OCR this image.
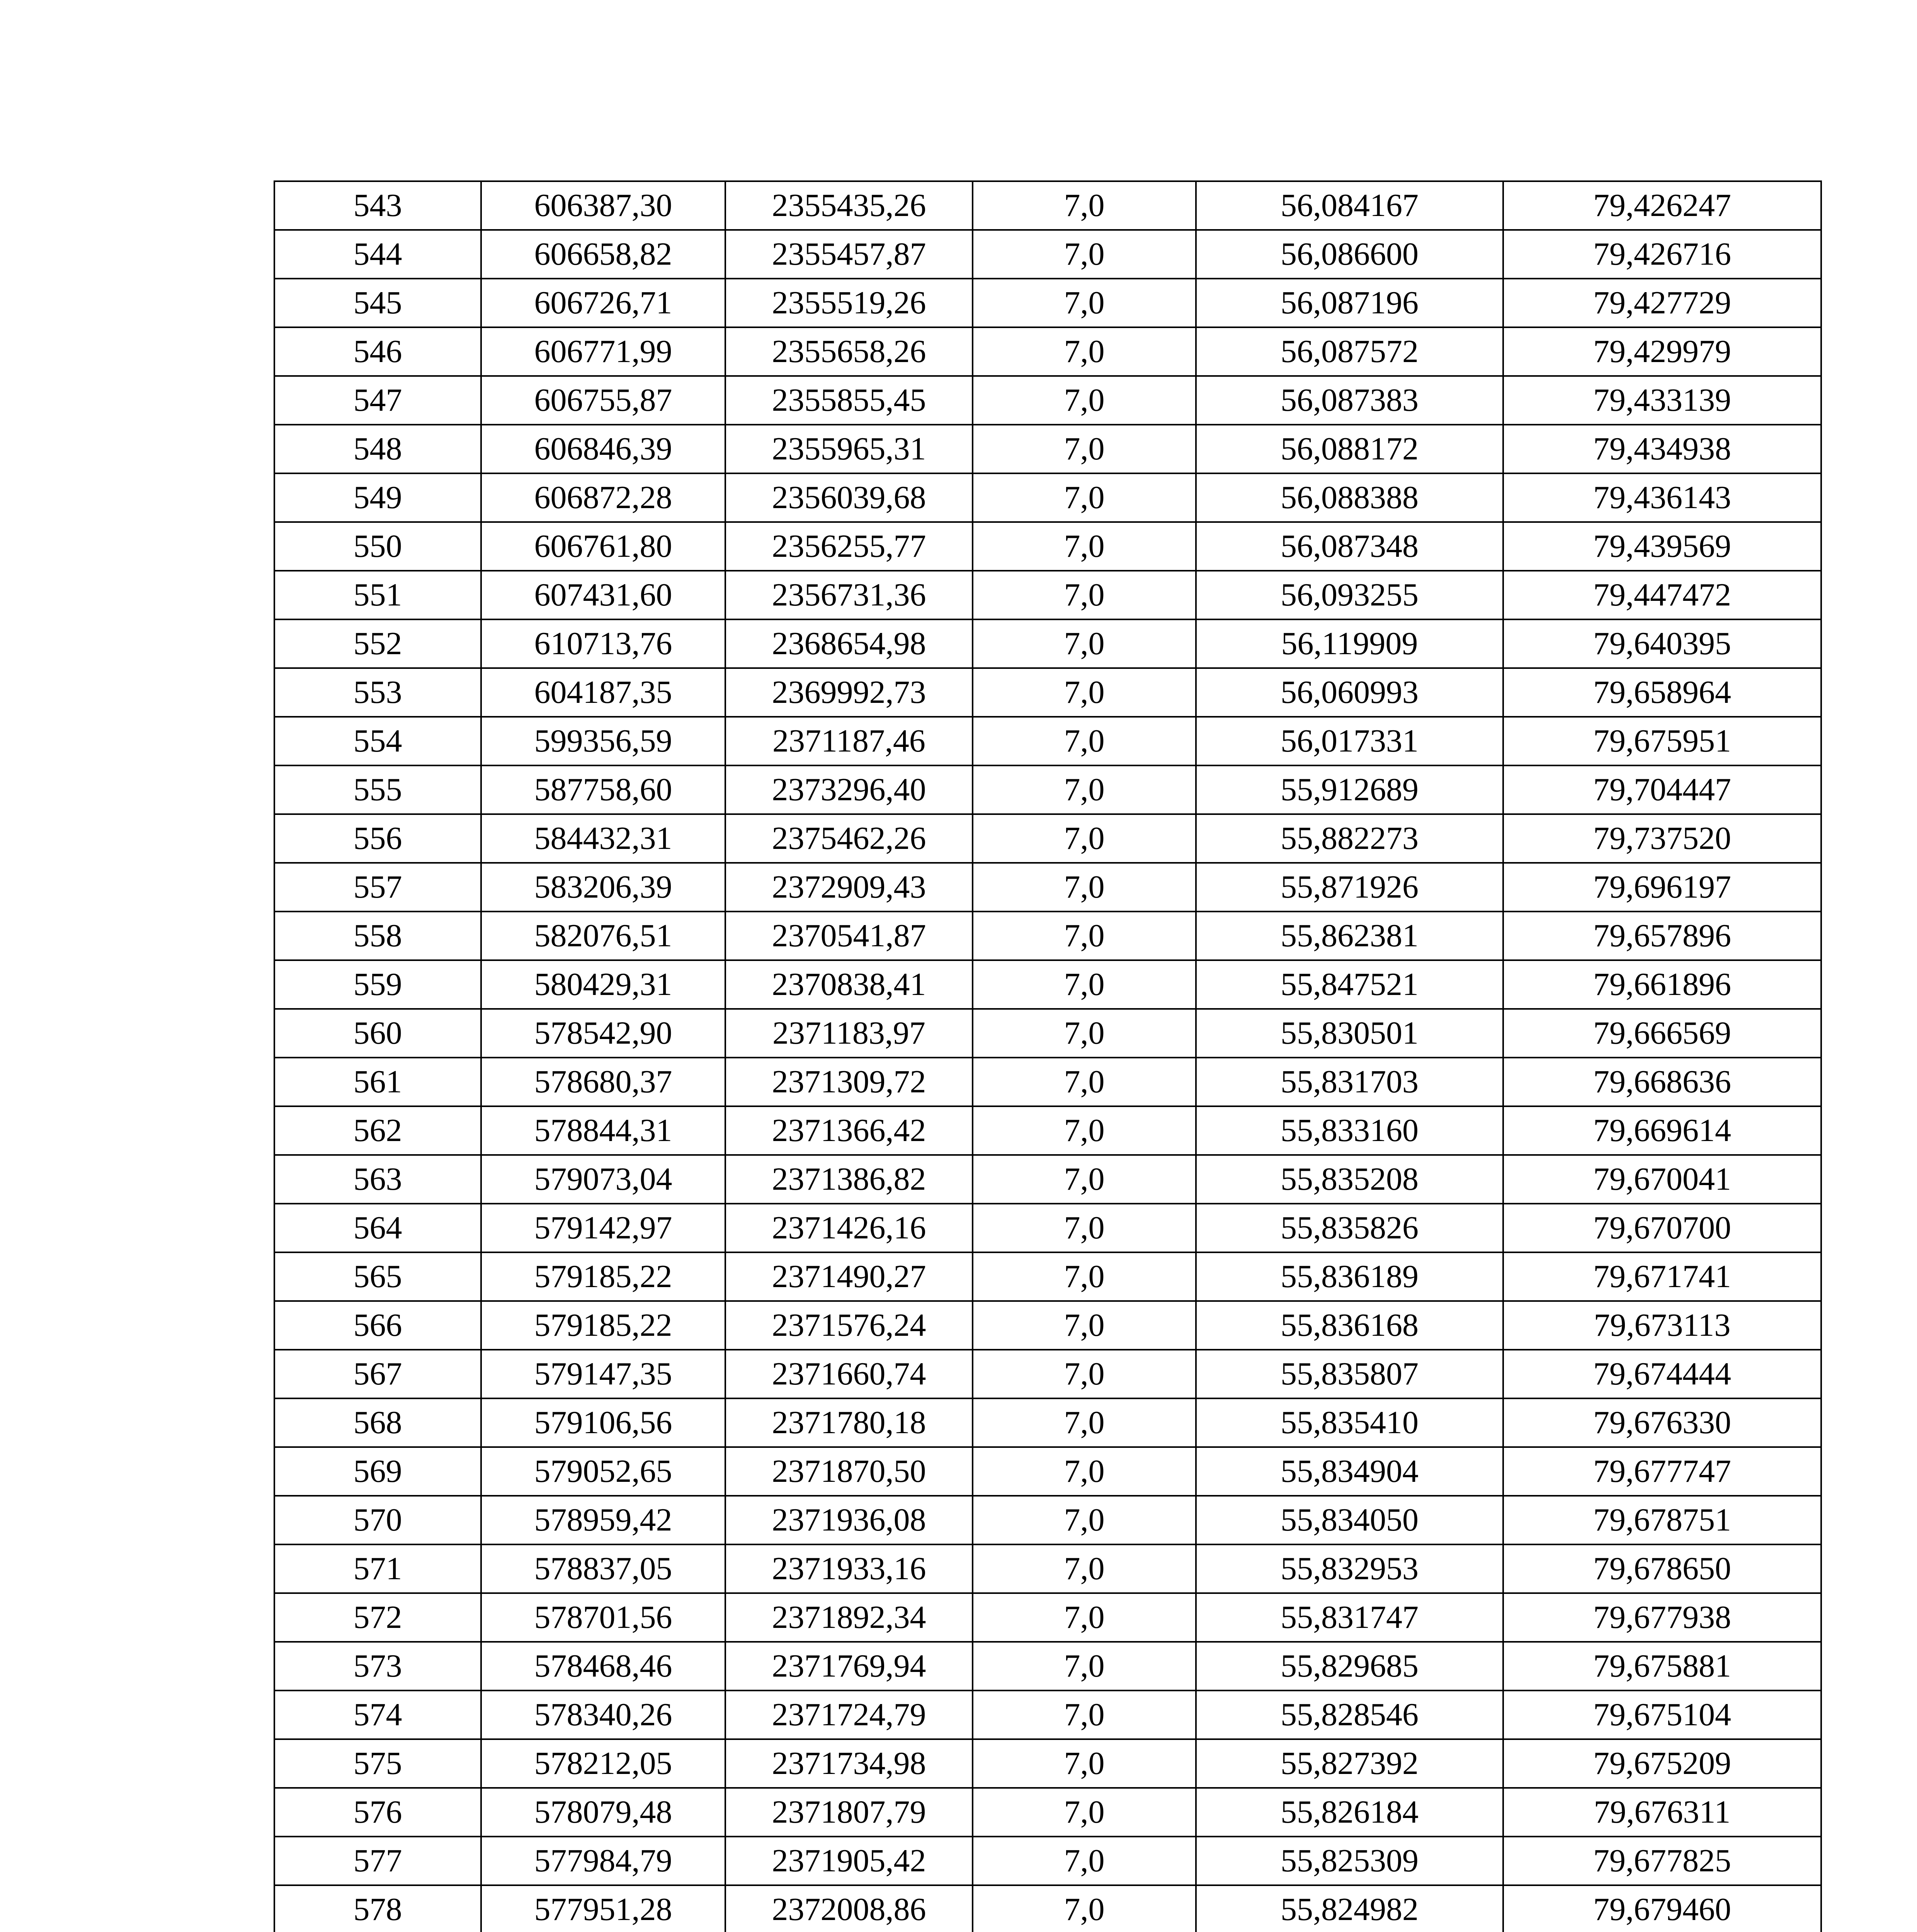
543	606387,30	2355435,26	7,0	56,084167	79,426247
544	606658,82	2355457,87	7,0	56,086600	79,426716
545	606726,71	2355519,26	7,0	56,087196	79,427729
546	606771,99	2355658,26	7,0	56,087572	79,429979
547	606755,87	2355855,45	7,0	56,087383	79,433139
548	606846,39	2355965,31	7,0	56,088172	79,434938
549	606872,28	2356039,68	7,0	56,088388	79,436143
550	606761,80	2356255,77	7,0	56,087348	79,439569
551	607431,60	2356731,36	7,0	56,093255	79,447472
552	610713,76	2368654,98	7,0	56,119909	79,640395
553	604187,35	2369992,73	7,0	56,060993	79,658964
554	599356,59	2371187,46	7,0	56,017331	79,675951
555	587758,60	2373296,40	7,0	55,912689	79,704447
556	584432,31	2375462,26	7,0	55,882273	79,737520
557	583206,39	2372909,43	7,0	55,871926	79,696197
558	582076,51	2370541,87	7,0	55,862381	79,657896
559	580429,31	2370838,41	7,0	55,847521	79,661896
560	578542,90	2371183,97	7,0	55,830501	79,666569
561	578680,37	2371309,72	7,0	55,831703	79,668636
562	578844,31	2371366,42	7,0	55,833160	79,669614
563	579073,04	2371386,82	7,0	55,835208	79,670041
564	579142,97	2371426,16	7,0	55,835826	79,670700
565	579185,22	2371490,27	7,0	55,836189	79,671741
566	579185,22	2371576,24	7,0	55,836168	79,673113
567	579147,35	2371660,74	7,0	55,835807	79,674444
568	579106,56	2371780,18	7,0	55,835410	79,676330
569	579052,65	2371870,50	7,0	55,834904	79,677747
570	578959,42	2371936,08	7,0	55,834050	79,678751
571	578837,05	2371933,16	7,0	55,832953	79,678650
572	578701,56	2371892,34	7,0	55,831747	79,677938
573	578468,46	2371769,94	7,0	55,829685	79,675881
574	578340,26	2371724,79	7,0	55,828546	79,675104
575	578212,05	2371734,98	7,0	55,827392	79,675209
576	578079,48	2371807,79	7,0	55,826184	79,676311
577	577984,79	2371905,42	7,0	55,825309	79,677825
578	577951,28	2372008,86	7,0	55,824982	79,679460
